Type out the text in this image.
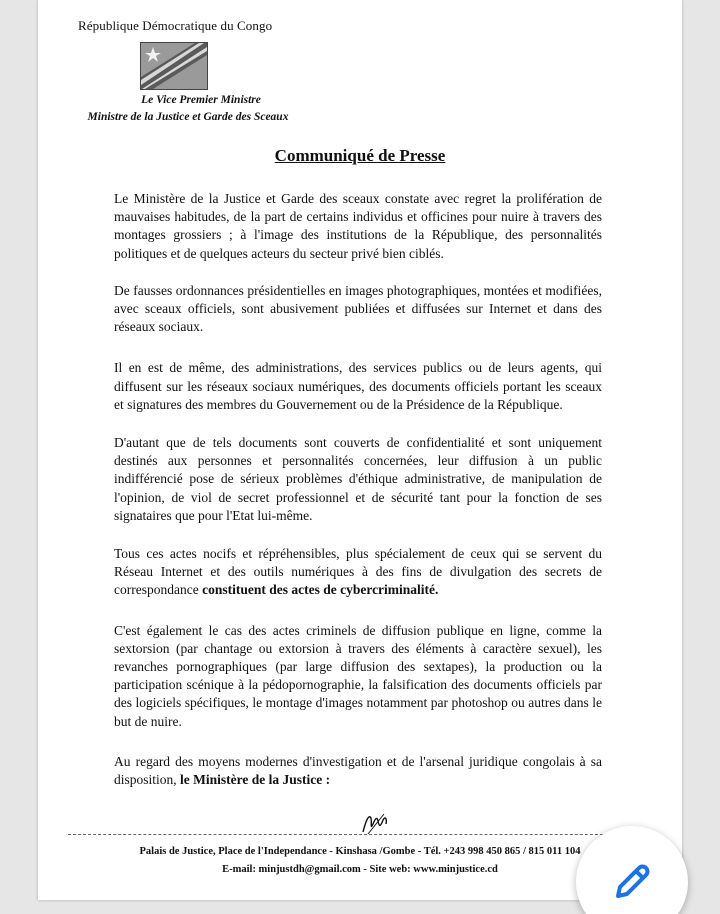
République Démocratique du Congo
Le Vice Premier Ministre
Ministre de la Justice et Garde des Sceaux
Communiqué de Presse

Le Ministère de la Justice et Garde des sceaux constate avec regret la prolifération de mauvaises habitudes, de la part de certains individus et officines pour nuire à travers des montages grossiers ; à l'image des institutions de la République, des personnalités politiques et de quelques acteurs du secteur privé bien ciblés.

De fausses ordonnances présidentielles en images photographiques, montées et modifiées, avec sceaux officiels, sont abusivement publiées et diffusées sur Internet et dans des réseaux sociaux.

Il en est de même, des administrations, des services publics ou de leurs agents, qui diffusent sur les réseaux sociaux numériques, des documents officiels portant les sceaux et signatures des membres du Gouvernement ou de la Présidence de la République.

D'autant que de tels documents sont couverts de confidentialité et sont uniquement destinés aux personnes et personnalités concernées, leur diffusion à un public indifférencié pose de sérieux problèmes d'éthique administrative, de manipulation de l'opinion, de viol de secret professionnel et de sécurité tant pour la fonction de ses signataires que pour l'Etat lui-même.

Tous ces actes nocifs et répréhensibles, plus spécialement de ceux qui se servent du Réseau Internet et des outils numériques à des fins de divulgation des secrets de correspondance constituent des actes de cybercriminalité.

C'est également le cas des actes criminels de diffusion publique en ligne, comme la sextorsion (par chantage ou extorsion à travers des éléments à caractère sexuel), les revanches pornographiques (par large diffusion des sextapes), la production ou la participation scénique à la pédopornographie, la falsification des documents officiels par des logiciels spécifiques, le montage d'images notamment par photoshop ou autres dans le but de nuire.

Au regard des moyens modernes d'investigation et de l'arsenal juridique congolais à sa disposition, le Ministère de la Justice :

Palais de Justice, Place de l'Independance - Kinshasa /Gombe - Tél. +243 998 450 865 / 815 011 104
E-mail: minjustdh@gmail.com - Site web: www.minjustice.cd
